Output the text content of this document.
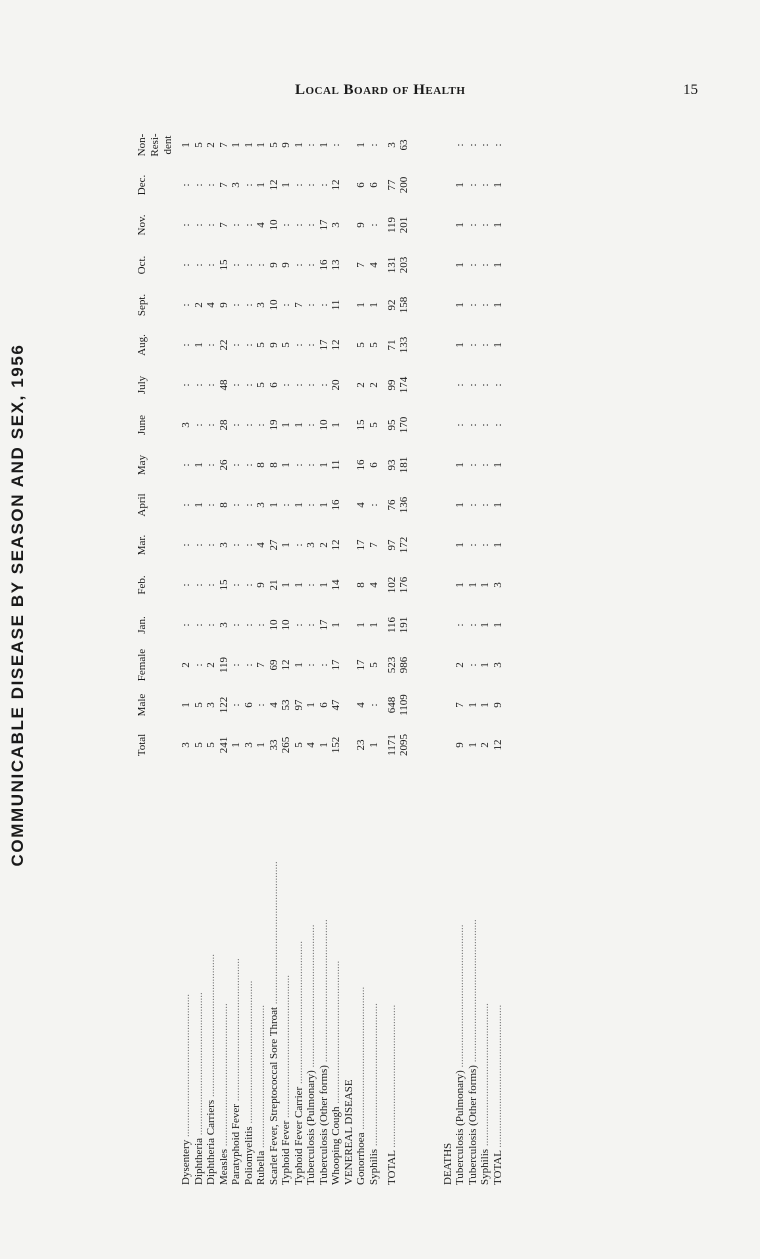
Local Board of Health	15
COMMUNICABLE DISEASE BY SEASON AND SEX, 1956	Total
Male
Female
Jan.
Feb.
Mar.
April
May
June
July
Aug.
Sept.
Oct.
Nov.
Dec.
Non-Resi-dent
Dysentery .....
3
1
2
:
:
:
:
:
3
:
:
:
:
:
:
1
Diphtheria .....
5
5
:
:
:
:
1
1
:
:
1
2
:
:
:
5
Diphtheria Carriers .....
5
3
2
:
:
:
:
:
:
:
:
4
:
:
:
2
Measles .....
241
122
119
3
15
3
8
26
28
48
22
9
15
7
7
7
Paratyphoid Fever .....
1
:
:
:
:
:
:
:
:
:
:
:
:
:
3
1
Poliomyelitis .....
3
6
:
:
:
:
:
:
:
:
:
:
:
:
:
1
Rubella .....
1
:
7
:
9
4
3
8
:
5
5
3
:
4
1
1
Scarlet Fever, Streptococcal Sore Throat .....
33
4
69
10
21
27
1
8
19
6
9
10
9
10
12
5
Typhoid Fever .....
265
53
12
10
1
1
:
1
1
:
5
:
9
:
1
9
Typhoid Fever Carrier .....
5
97
1
:
1
:
1
:
1
:
:
7
:
:
:
1
Tuberculosis (Pulmonary) .....
4
1
:
:
:
3
:
:
:
:
:
:
:
:
:
:
Tuberculosis (Other forms) .....
1
6
:
17
1
2
1
1
10
:
17
:
16
17
:
1
Whooping Cough .....
152
47
17
1
14
12
16
11
1
20
12
11
13
3
12
:
VENEREAL DISEASE Gonorrhoea .....
23
4
17
1
8
17
4
16
15
2
5
1
7
9
6
1
Syphilis .....
1
:
5
1
4
7
:
6
5
2
5
1
4
:
6
:
TOTAL .....
1171
648
523
116
102
97
76
93
95
99
71
92
131
119
77
3
2095
1109
986
191
176
172
136
181
170
174
133
158
203
201
200
63
DEATHS Tuberculosis (Pulmonary) .....
9
7
2
:
1
1
1
1
:
:
1
1
1
1
1
:
Tuberculosis (Other forms) .....
1
1
:
:
1
:
:
:
:
:
:
:
:
:
:
:
Syphilis .....
2
1
1
1
1
:
:
:
:
:
:
:
:
:
:
:
TOTAL .....
12
9
3
1
3
1
1
1
:
:
1
1
1
1
1
:
